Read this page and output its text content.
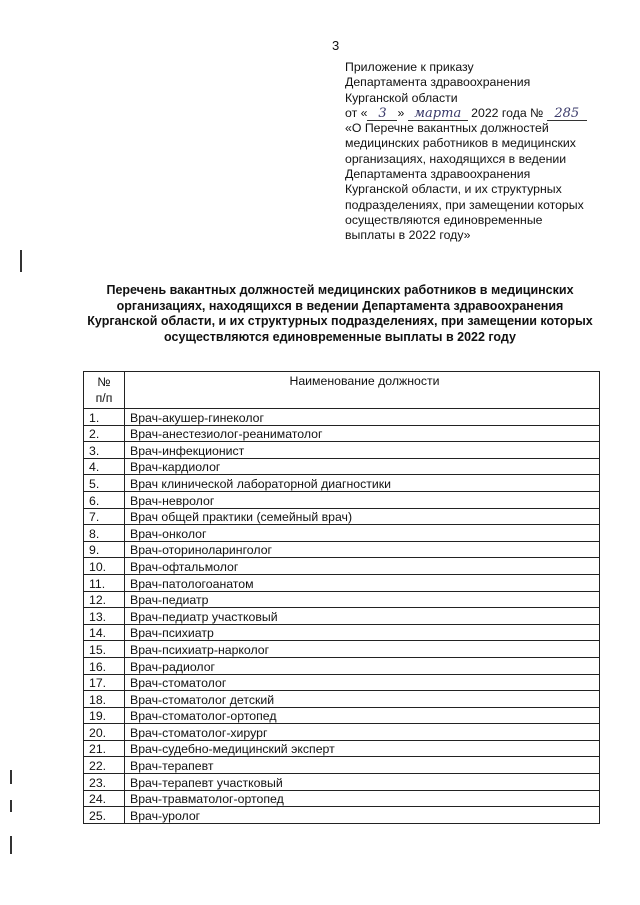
3
Приложение к приказу
Департамента здравоохранения
Курганской области
от « 3 » марта 2022 года № 285
«О Перечне вакантных должностей
медицинских работников в медицинских
организациях, находящихся в ведении
Департамента здравоохранения
Курганской области, и их структурных
подразделениях, при замещении которых
осуществляются единовременные
выплаты в 2022 году»
Перечень вакантных должностей медицинских работников в медицинских
организациях, находящихся в ведении Департамента здравоохранения
Курганской области, и их структурных подразделениях, при замещении которых
осуществляются единовременные выплаты в 2022 году
№
п/п	Наименование должности
1.	Врач-акушер-гинеколог
2.	Врач-анестезиолог-реаниматолог
3.	Врач-инфекционист
4.	Врач-кардиолог
5.	Врач клинической лабораторной диагностики
6.	Врач-невролог
7.	Врач общей практики (семейный врач)
8.	Врач-онколог
9.	Врач-оториноларинголог
10.	Врач-офтальмолог
11.	Врач-патологоанатом
12.	Врач-педиатр
13.	Врач-педиатр участковый
14.	Врач-психиатр
15.	Врач-психиатр-нарколог
16.	Врач-радиолог
17.	Врач-стоматолог
18.	Врач-стоматолог детский
19.	Врач-стоматолог-ортопед
20.	Врач-стоматолог-хирург
21.	Врач-судебно-медицинский эксперт
22.	Врач-терапевт
23.	Врач-терапевт участковый
24.	Врач-травматолог-ортопед
25.	Врач-уролог
